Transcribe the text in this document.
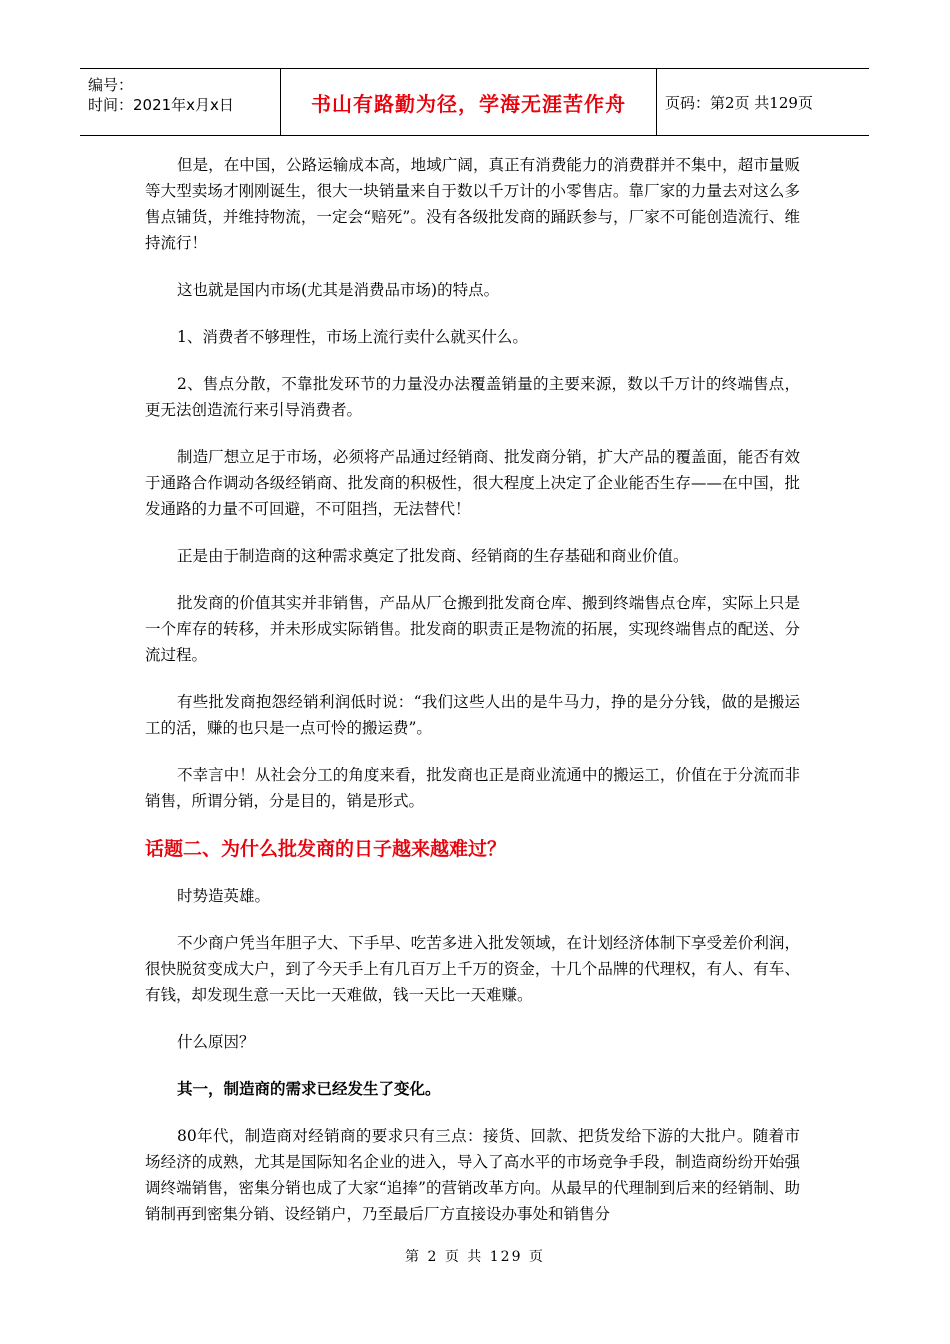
编号：
时间：2021年x月x日	书山有路勤为径，学海无涯苦作舟	页码：第2页 共129页

但是，在中国，公路运输成本高，地域广阔，真正有消费能力的消费群并不集中，超市量贩等大型卖场才刚刚诞生，很大一块销量来自于数以千万计的小零售店。靠厂家的力量去对这么多售点铺货，并维持物流，一定会“赔死”。没有各级批发商的踊跃参与，厂家不可能创造流行、维持流行！

这也就是国内市场(尤其是消费品市场)的特点。

1、消费者不够理性，市场上流行卖什么就买什么。

2、售点分散，不靠批发环节的力量没办法覆盖销量的主要来源，数以千万计的终端售点，更无法创造流行来引导消费者。

制造厂想立足于市场，必须将产品通过经销商、批发商分销，扩大产品的覆盖面，能否有效于通路合作调动各级经销商、批发商的积极性，很大程度上决定了企业能否生存——在中国，批发通路的力量不可回避，不可阻挡，无法替代！

正是由于制造商的这种需求奠定了批发商、经销商的生存基础和商业价值。

批发商的价值其实并非销售，产品从厂仓搬到批发商仓库、搬到终端售点仓库，实际上只是一个库存的转移，并未形成实际销售。批发商的职责正是物流的拓展，实现终端售点的配送、分流过程。

有些批发商抱怨经销利润低时说：“我们这些人出的是牛马力，挣的是分分钱，做的是搬运工的活，赚的也只是一点可怜的搬运费”。

不幸言中！从社会分工的角度来看，批发商也正是商业流通中的搬运工，价值在于分流而非销售，所谓分销，分是目的，销是形式。

话题二、为什么批发商的日子越来越难过？

时势造英雄。

不少商户凭当年胆子大、下手早、吃苦多进入批发领域，在计划经济体制下享受差价利润，很快脱贫变成大户，到了今天手上有几百万上千万的资金，十几个品牌的代理权，有人、有车、有钱，却发现生意一天比一天难做，钱一天比一天难赚。

什么原因？

其一，制造商的需求已经发生了变化。

80年代，制造商对经销商的要求只有三点：接货、回款、把货发给下游的大批户。随着市场经济的成熟，尤其是国际知名企业的进入，导入了高水平的市场竞争手段，制造商纷纷开始强调终端销售，密集分销也成了大家“追捧”的营销改革方向。从最早的代理制到后来的经销制、助销制再到密集分销、设经销户，乃至最后厂方直接设办事处和销售分

第 2 页 共 129 页
